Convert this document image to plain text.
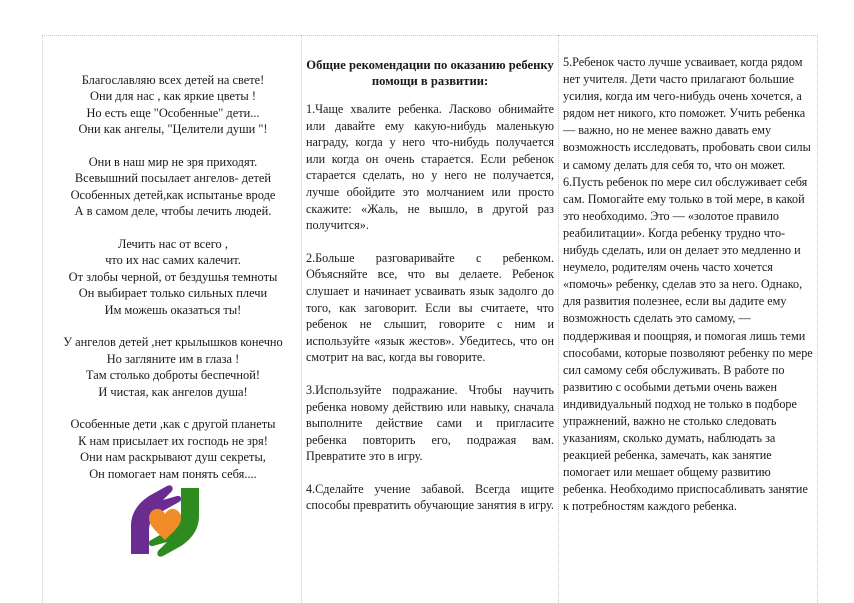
Благославляю всех детей на свете!
Они для нас , как яркие цветы !
Но есть еще "Особенные" дети...
Они как ангелы, "Целители души "!
Они в наш мир не зря приходят.
Всевышний посылает ангелов- детей
Особенных детей,как испытанье вроде
А в самом деле, чтобы лечить людей.
Лечить нас от всего ,
что их нас самих калечит.
От злобы черной, от бездушья темноты
Он выбирает только сильных плечи
Им можешь оказаться ты!
У ангелов детей ,нет крылышков конечно
Но загляните им в глаза !
Там столько доброты беспечной!
И чистая, как ангелов душа!
Особенные дети ,как с другой планеты
К нам присылает их господь не зря!
Они нам раскрывают душ секреты,
Он помогает нам понять себя....
Общие рекомендации по оказанию ребенку помощи в развитии:

1.Чаще хвалите ребенка. Ласково обнимайте или давайте ему какую-нибудь маленькую награду, когда у него что-нибудь получается или когда он очень старается. Если ребенок старается сделать, но у него не получается, лучше обойдите это молчанием или просто скажите: «Жаль, не вышло, в другой раз получится».

2.Больше разговаривайте с ребенком. Объясняйте все, что вы делаете. Ребенок слушает и начинает усваивать язык задолго до того, как заговорит. Если вы считаете, что ребенок не слышит, говорите с ним и используйте «язык жестов». Убедитесь, что он смотрит на вас, когда вы говорите.

3.Используйте подражание. Чтобы научить ребенка новому действию или навыку, сначала выполните действие сами и пригласите ребенка повторить его, подражая вам. Превратите это в игру.

4.Сделайте учение забавой. Всегда ищите способы превратить обучающие занятия в игру.

5.Ребенок часто лучше усваивает, когда рядом нет учителя. Дети часто прилагают большие усилия, когда им чего-нибудь очень хочется, а рядом нет никого, кто поможет. Учить ребенка — важно, но не менее важно давать ему возможность исследовать, пробовать свои силы и самому делать для себя то, что он может.

6.Пусть ребенок по мере сил обслуживает себя сам. Помогайте ему только в той мере, в какой это необходимо. Это — «золотое правило реабилитации». Когда ребенку трудно что-нибудь сделать, или он делает это медленно и неумело, родителям очень часто хочется «помочь» ребенку, сделав это за него. Однако, для развития полезнее, если вы дадите ему возможность сделать это самому, — поддерживая и поощряя, и помогая лишь теми способами, которые позволяют ребенку по мере сил самому себя обслуживать. В работе по развитию с особыми детьми очень важен индивидуальный подход не только в подборе упражнений, важно не столько следовать указаниям, сколько думать, наблюдать за реакцией ребенка, замечать, как занятие помогает или мешает общему развитию ребенка. Необходимо приспосабливать занятие к потребностям каждого ребенка.
